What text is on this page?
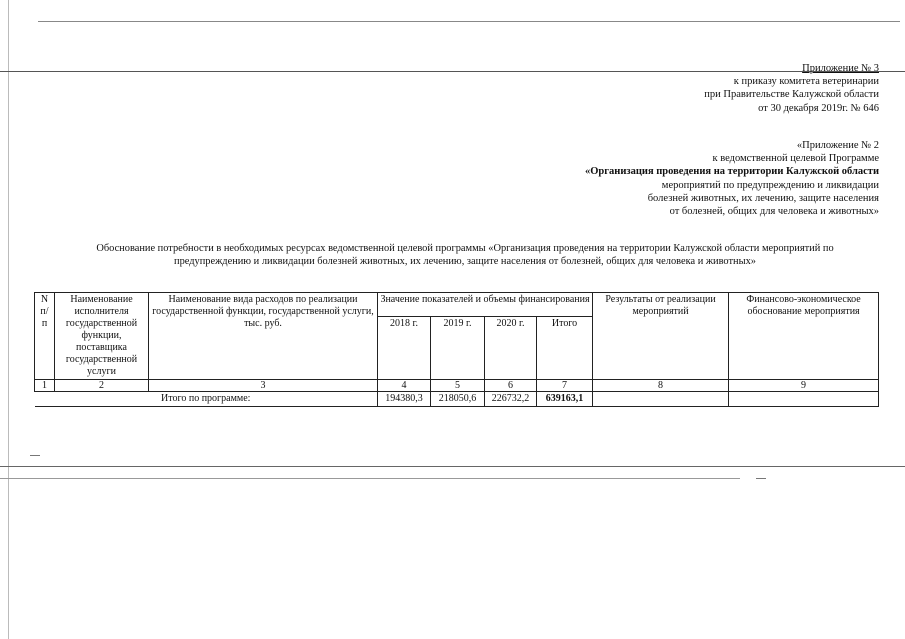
Приложение № 3
к приказу комитета ветеринарии
при Правительстве Калужской области
от 30 декабря 2019г. № 646
«Приложение № 2
к ведомственной целевой Программе
«Организация проведения на территории Калужской области
мероприятий по предупреждению и ликвидации
болезней животных, их лечению, защите населения
от болезней, общих для человека и животных»
Обоснование потребности в необходимых ресурсах ведомственной целевой программы «Организация проведения на территории Калужской области мероприятий по
предупреждению и ликвидации болезней животных, их лечению, защите населения от болезней, общих для человека и животных»
N п/ п	Наименование исполнителя государственной функции, поставщика государственной услуги	Наименование вида расходов по реализации государственной функции, государственной услуги, тыс. руб.	Значение показателей и объемы финансирования				Результаты от реализации мероприятий	Финансово-экономическое обоснование мероприятия
			2018 г.	2019 г.	2020 г.	Итого		
1	2	3	4	5	6	7	8	9
Итого по программе:			194380,3	218050,6	226732,2	639163,1		
